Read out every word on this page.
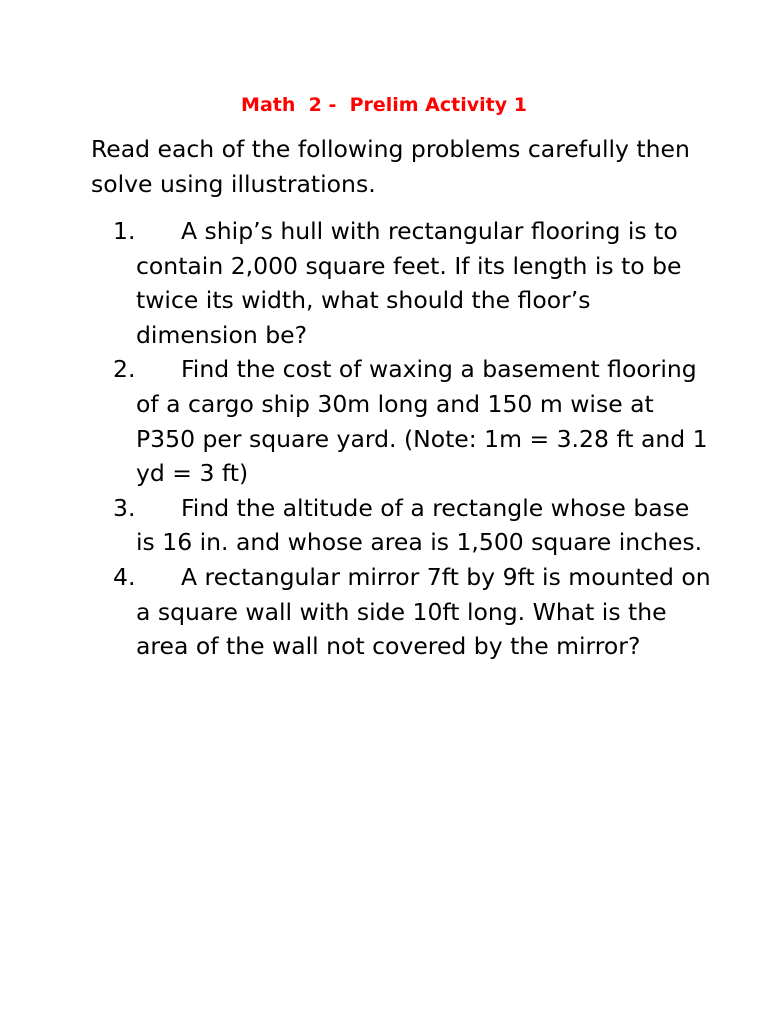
Math  2 -  Prelim Activity 1

Read each of the following problems carefully then solve using illustrations.

1.	A ship’s hull with rectangular flooring is to contain 2,000 square feet. If its length is to be twice its width, what should the floor’s dimension be?
2.	Find the cost of waxing a basement flooring of a cargo ship 30m long and 150 m wise at P350 per square yard. (Note: 1m = 3.28 ft and 1 yd = 3 ft)
3.	Find the altitude of a rectangle whose base is 16 in. and whose area is 1,500 square inches.
4.	A rectangular mirror 7ft by 9ft is mounted on a square wall with side 10ft long. What is the area of the wall not covered by the mirror?
